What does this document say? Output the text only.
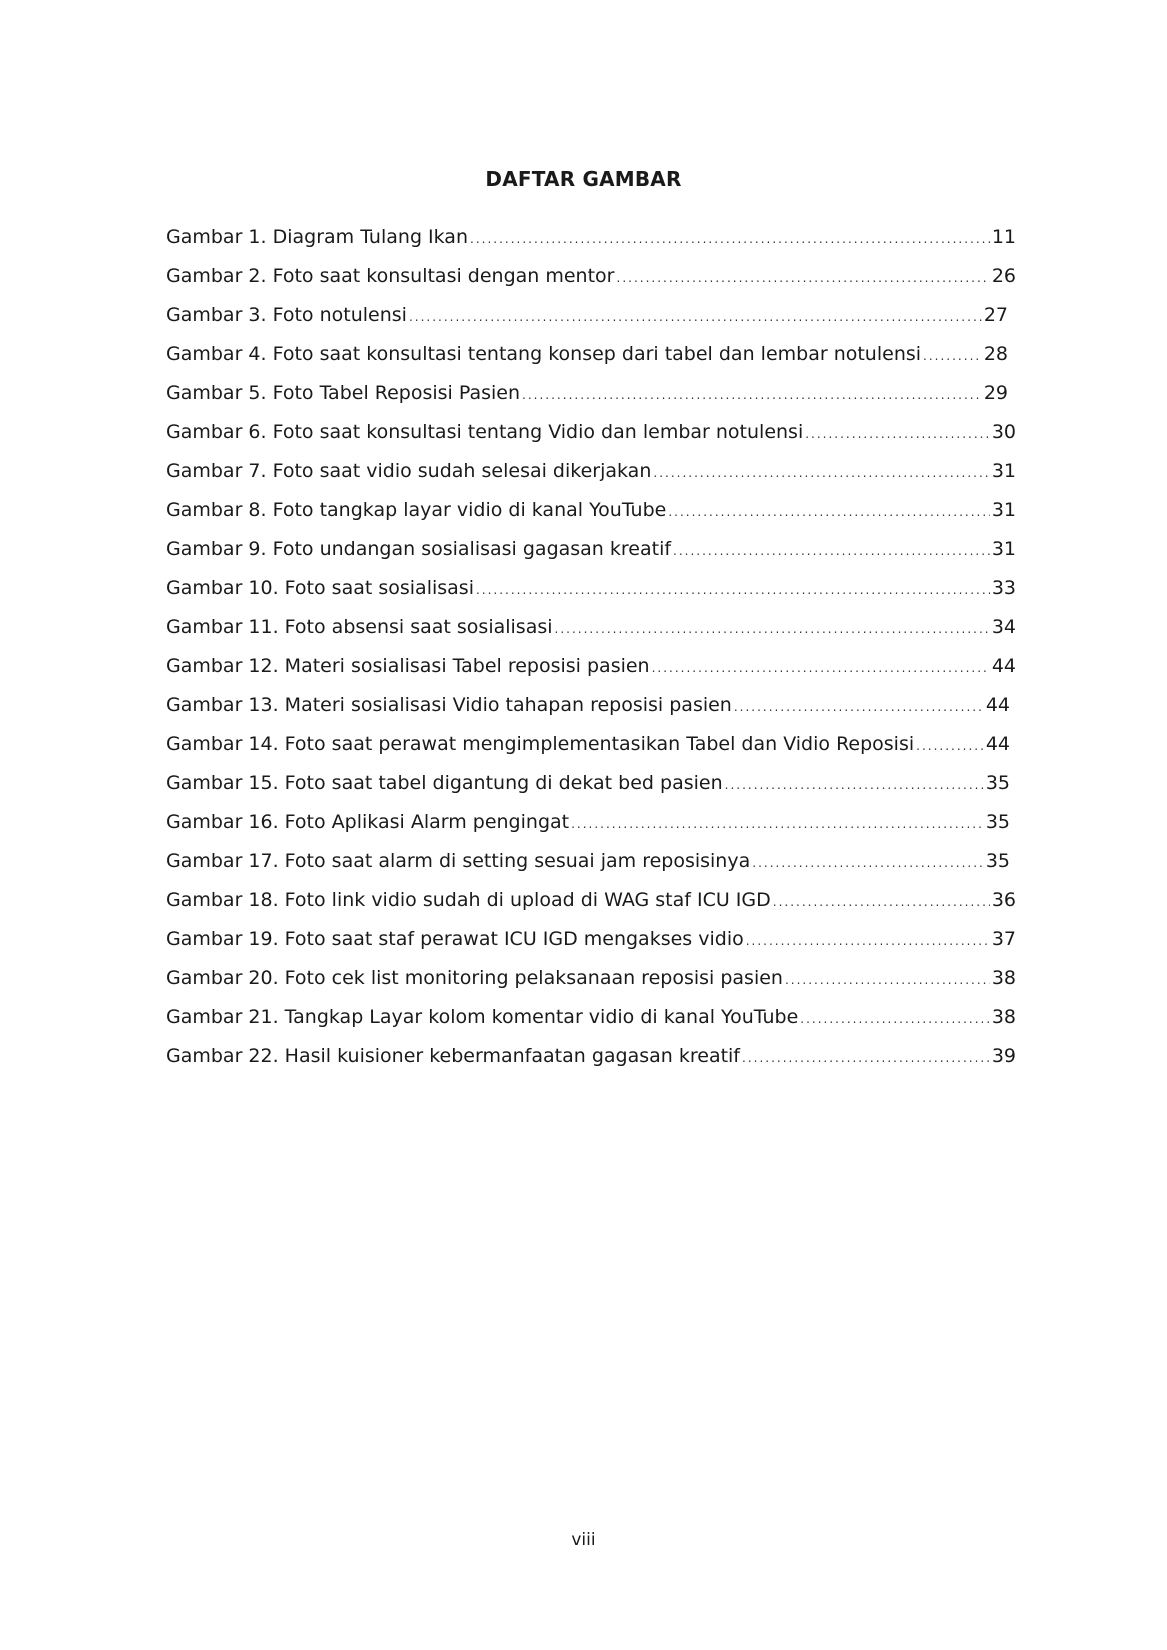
DAFTAR GAMBAR
Gambar 1. Diagram Tulang Ikan .....	11
Gambar 2. Foto saat konsultasi dengan mentor .....	26
Gambar 3. Foto notulensi .....	27
Gambar 4. Foto saat konsultasi tentang konsep dari tabel dan lembar notulensi .....	28
Gambar 5. Foto Tabel Reposisi Pasien .....	29
Gambar 6. Foto saat konsultasi tentang Vidio dan lembar notulensi .....	30
Gambar 7. Foto saat vidio sudah selesai dikerjakan .....	31
Gambar 8. Foto tangkap layar vidio di kanal YouTube .....	31
Gambar 9. Foto undangan sosialisasi gagasan kreatif .....	31
Gambar 10. Foto saat sosialisasi .....	33
Gambar 11. Foto absensi saat sosialisasi .....	34
Gambar 12. Materi sosialisasi Tabel reposisi pasien .....	44
Gambar 13. Materi sosialisasi Vidio tahapan reposisi pasien .....	44
Gambar 14. Foto saat perawat mengimplementasikan Tabel dan Vidio Reposisi .....	44
Gambar 15. Foto saat tabel digantung di dekat bed pasien .....	35
Gambar 16. Foto Aplikasi Alarm pengingat .....	35
Gambar 17. Foto saat alarm di setting sesuai jam reposisinya .....	35
Gambar 18. Foto link vidio sudah di upload di WAG staf ICU IGD .....	36
Gambar 19. Foto saat staf perawat ICU IGD mengakses vidio .....	37
Gambar 20. Foto cek list monitoring pelaksanaan reposisi pasien .....	38
Gambar 21. Tangkap Layar kolom komentar vidio di kanal YouTube .....	38
Gambar 22. Hasil kuisioner kebermanfaatan gagasan kreatif .....	39
viii
